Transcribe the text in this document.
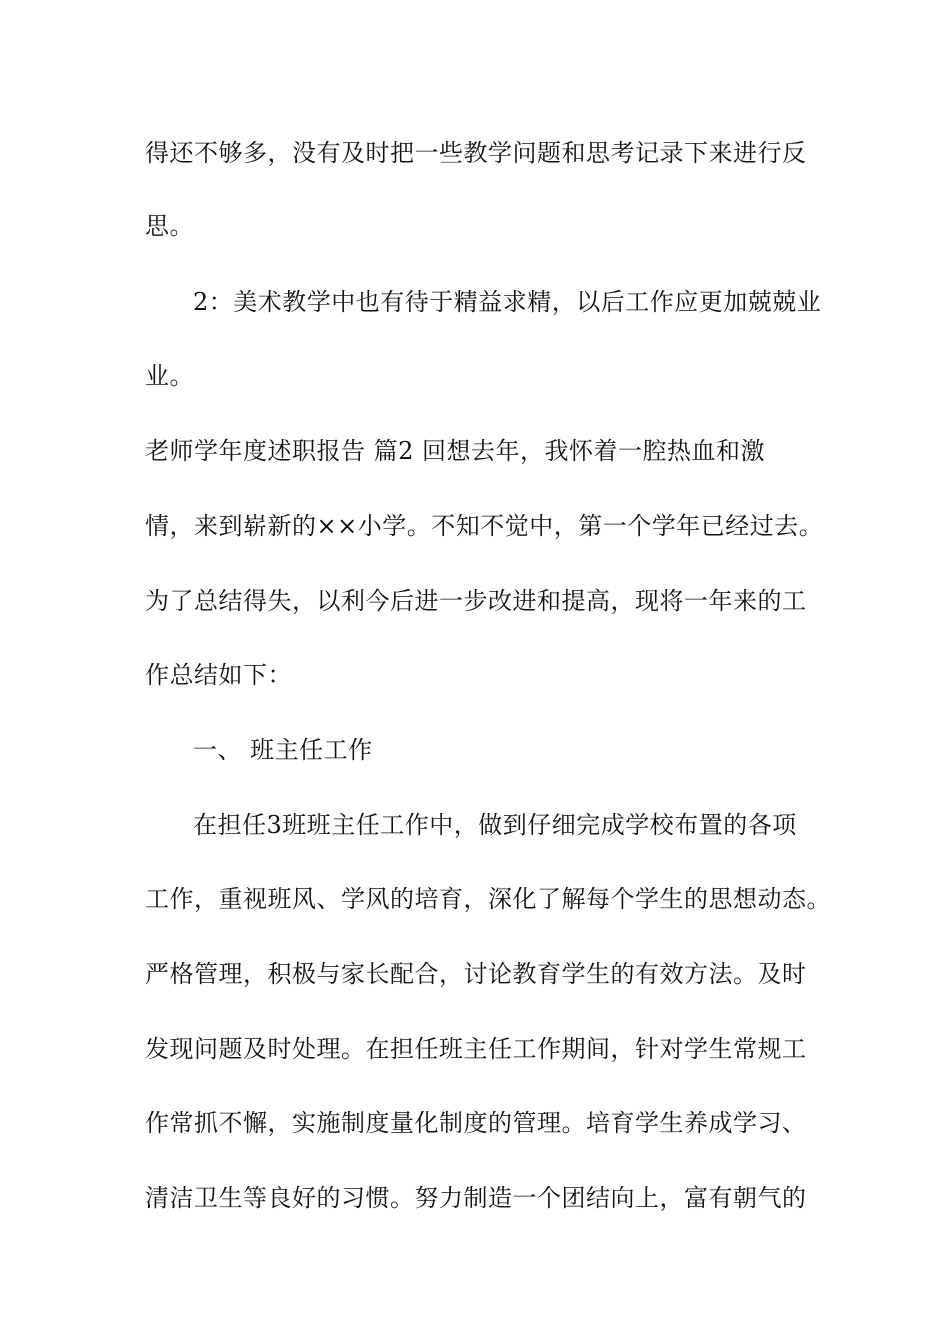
得还不够多，没有及时把一些教学问题和思考记录下来进行反
思。
2：美术教学中也有待于精益求精，以后工作应更加兢兢业
业。
老师学年度述职报告 篇2 回想去年，我怀着一腔热血和激
情，来到崭新的××小学。不知不觉中，第一个学年已经过去。
为了总结得失，以利今后进一步改进和提高，现将一年来的工
作总结如下：
一、 班主任工作
在担任3班班主任工作中，做到仔细完成学校布置的各项
工作，重视班风、学风的培育，深化了解每个学生的思想动态。
严格管理，积极与家长配合，讨论教育学生的有效方法。及时
发现问题及时处理。在担任班主任工作期间，针对学生常规工
作常抓不懈，实施制度量化制度的管理。培育学生养成学习、
清洁卫生等良好的习惯。努力制造一个团结向上，富有朝气的
